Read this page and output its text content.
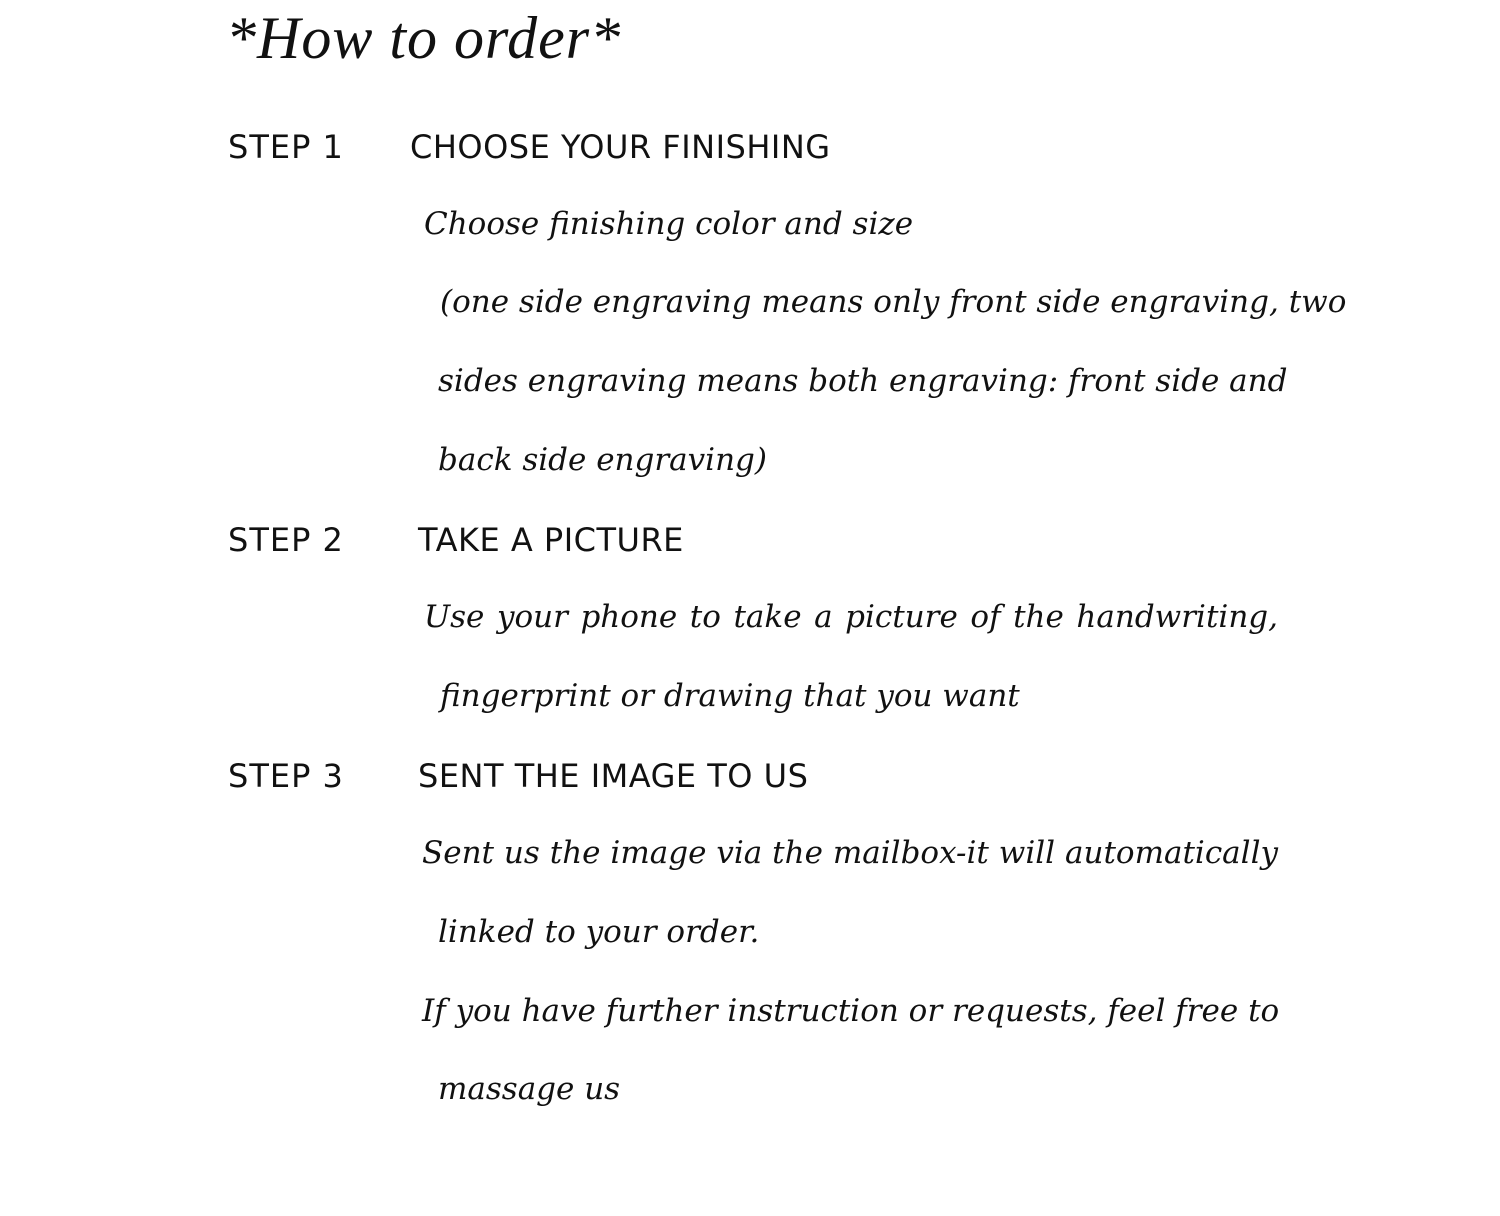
*How to order*
STEP 1 CHOOSE YOUR FINISHING
Choose finishing color and size
(one side engraving means only front side engraving, two
sides engraving means both engraving: front side and
back side engraving)
STEP 2 TAKE A PICTURE
Use your phone to take a picture of the handwriting,
fingerprint or drawing that you want
STEP 3 SENT THE IMAGE TO US
Sent us the image via the mailbox-it will automatically
linked to your order.
If you have further instruction or requests, feel free to
massage us
